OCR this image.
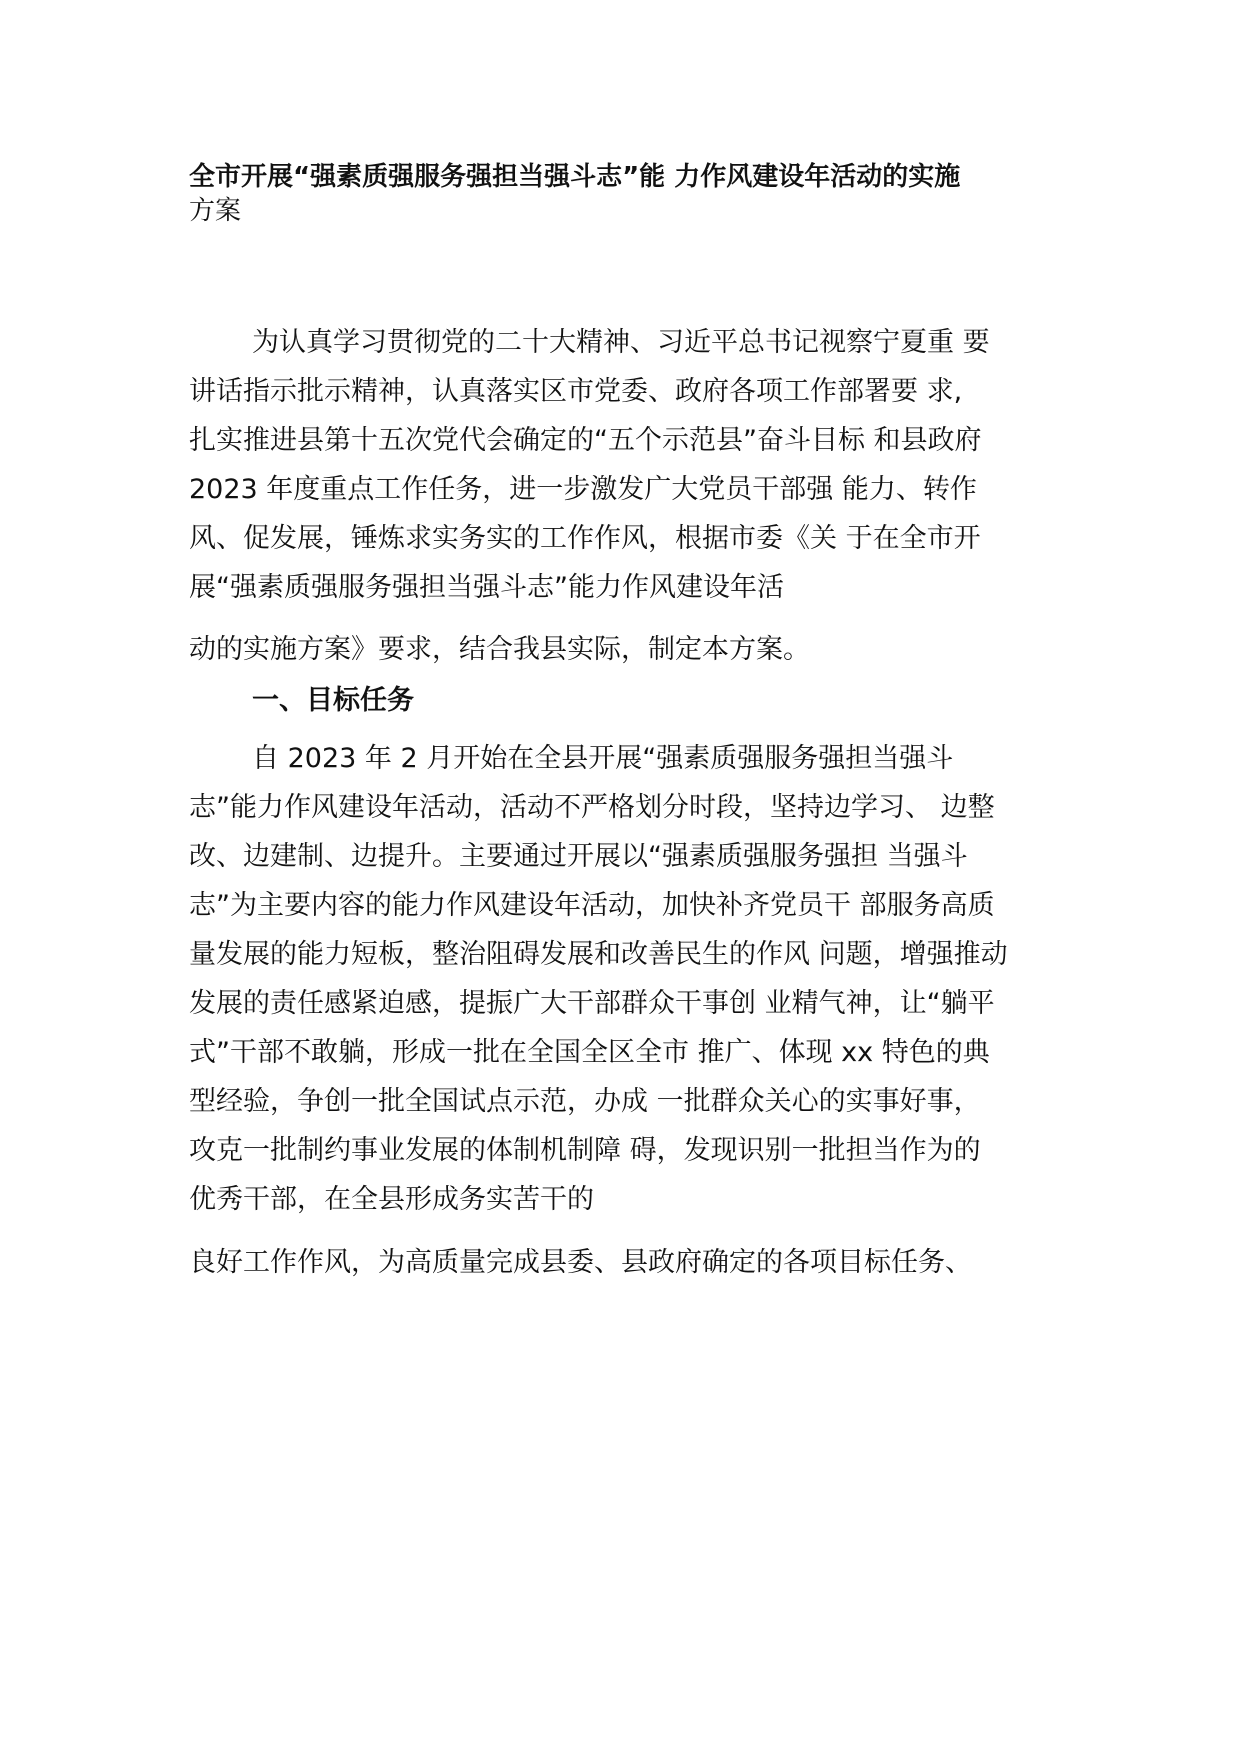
全市开展“强素质强服务强担当强斗志”能 力作风建设年活动的实施
方案
为认真学习贯彻党的二十大精神、习近平总书记视察宁夏重 要
讲话指示批示精神，认真落实区市党委、政府各项工作部署要 求,
扎实推进县第十五次党代会确定的“五个示范县”奋斗目标 和县政府
2023 年度重点工作任务，进一步激发广大党员干部强 能力、转作
风、促发展，锤炼求实务实的工作作风，根据市委《关 于在全市开
展“强素质强服务强担当强斗志”能力作风建设年活
动的实施方案》要求，结合我县实际，制定本方案。
一、目标任务
自 2023 年 2 月开始在全县开展“强素质强服务强担当强斗
志”能力作风建设年活动，活动不严格划分时段，坚持边学习、 边整
改、边建制、边提升。主要通过开展以“强素质强服务强担 当强斗
志”为主要内容的能力作风建设年活动，加快补齐党员干 部服务高质
量发展的能力短板，整治阻碍发展和改善民生的作风 问题，增强推动
发展的责任感紧迫感，提振广大干部群众干事创 业精气神，让“躺平
式”干部不敢躺，形成一批在全国全区全市 推广、体现 xx 特色的典
型经验，争创一批全国试点示范，办成 一批群众关心的实事好事，
攻克一批制约事业发展的体制机制障 碍，发现识别一批担当作为的
优秀干部，在全县形成务实苦干的
良好工作作风，为高质量完成县委、县政府确定的各项目标任务、
